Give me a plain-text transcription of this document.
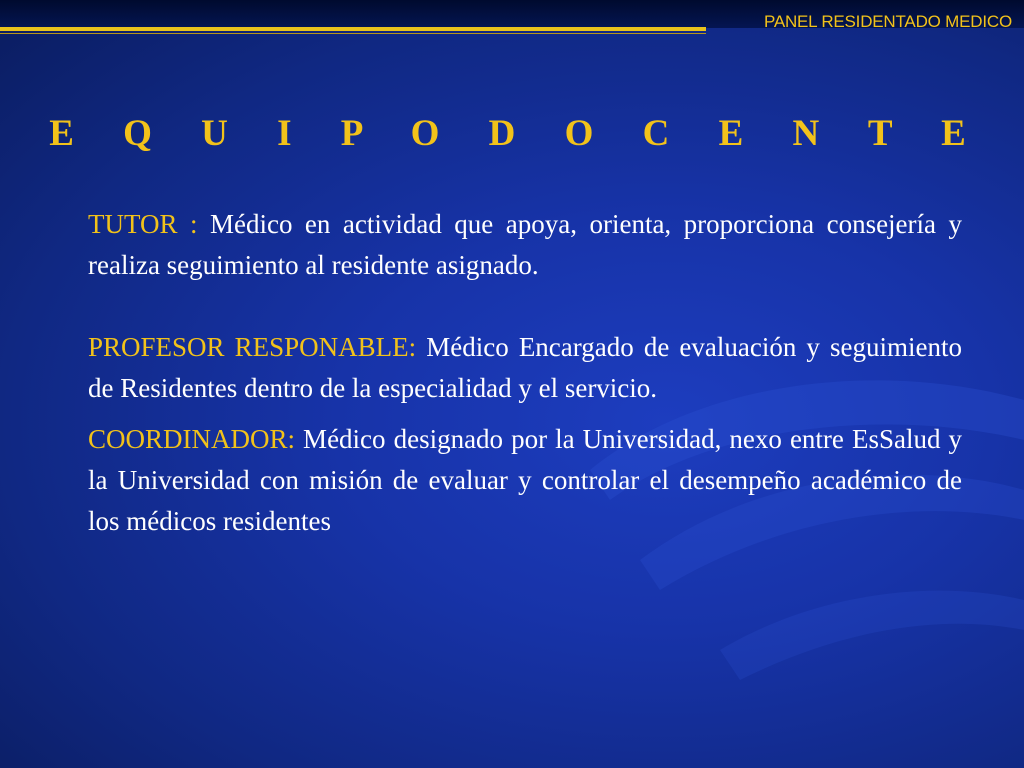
PANEL RESIDENTADO MEDICO
E Q U I P O D O C E N T E

TUTOR : Médico en actividad que apoya, orienta, proporciona consejería y realiza seguimiento al residente asignado.

PROFESOR RESPONABLE: Médico Encargado de evaluación y seguimiento de Residentes dentro de la especialidad y el servicio.

COORDINADOR: Médico designado por la Universidad, nexo entre EsSalud y la Universidad con misión de evaluar y controlar el desempeño académico de los médicos residentes
